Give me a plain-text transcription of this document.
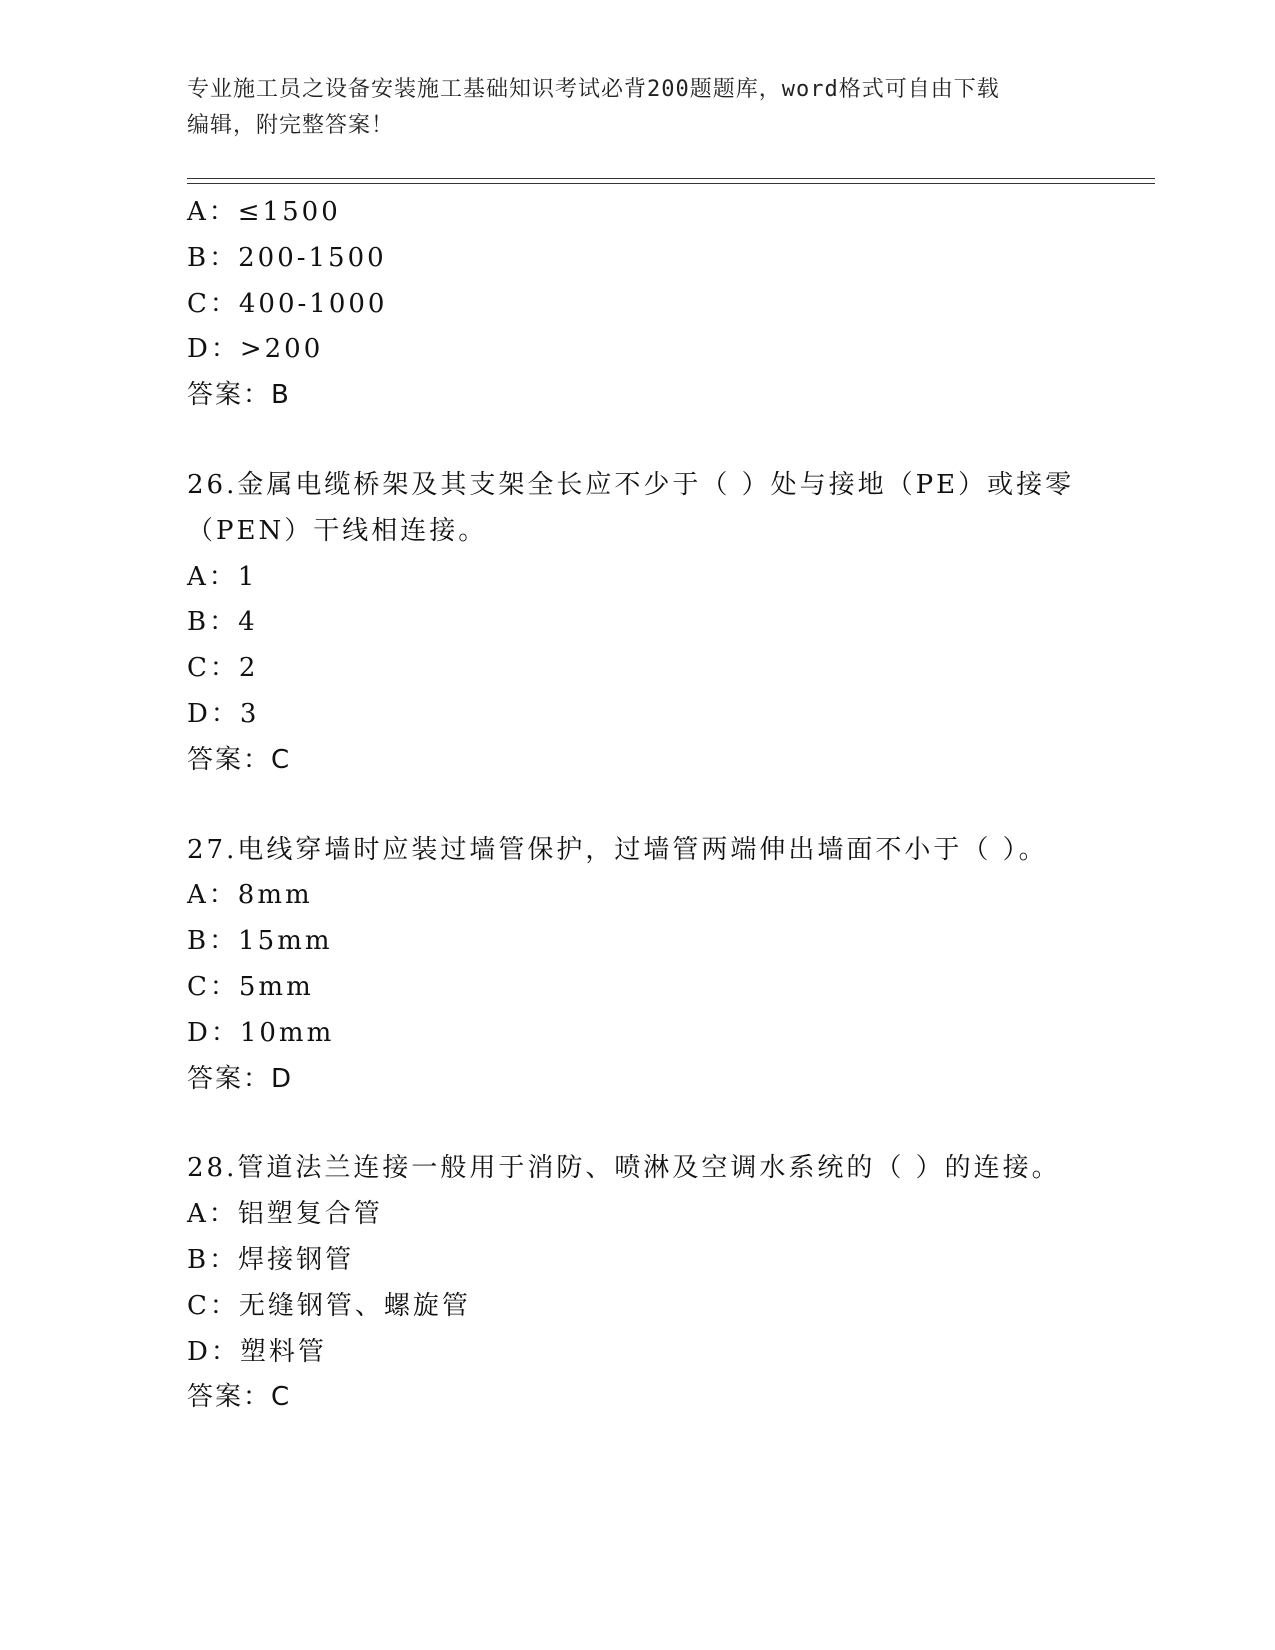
专业施工员之设备安装施工基础知识考试必背200题题库，word格式可自由下载
编辑，附完整答案！
A：≤1500
B：200-1500
C：400-1000
D：>200
答案：B
26.金属电缆桥架及其支架全长应不少于（ ）处与接地（PE）或接零
（PEN）干线相连接。
A：1
B：4
C：2
D：3
答案：C
27.电线穿墙时应装过墙管保护，过墙管两端伸出墙面不小于（ ）。
A：8mm
B：15mm
C：5mm
D：10mm
答案：D
28.管道法兰连接一般用于消防、喷淋及空调水系统的（ ）的连接。
A：铝塑复合管
B：焊接钢管
C：无缝钢管、螺旋管
D：塑料管
答案：C
